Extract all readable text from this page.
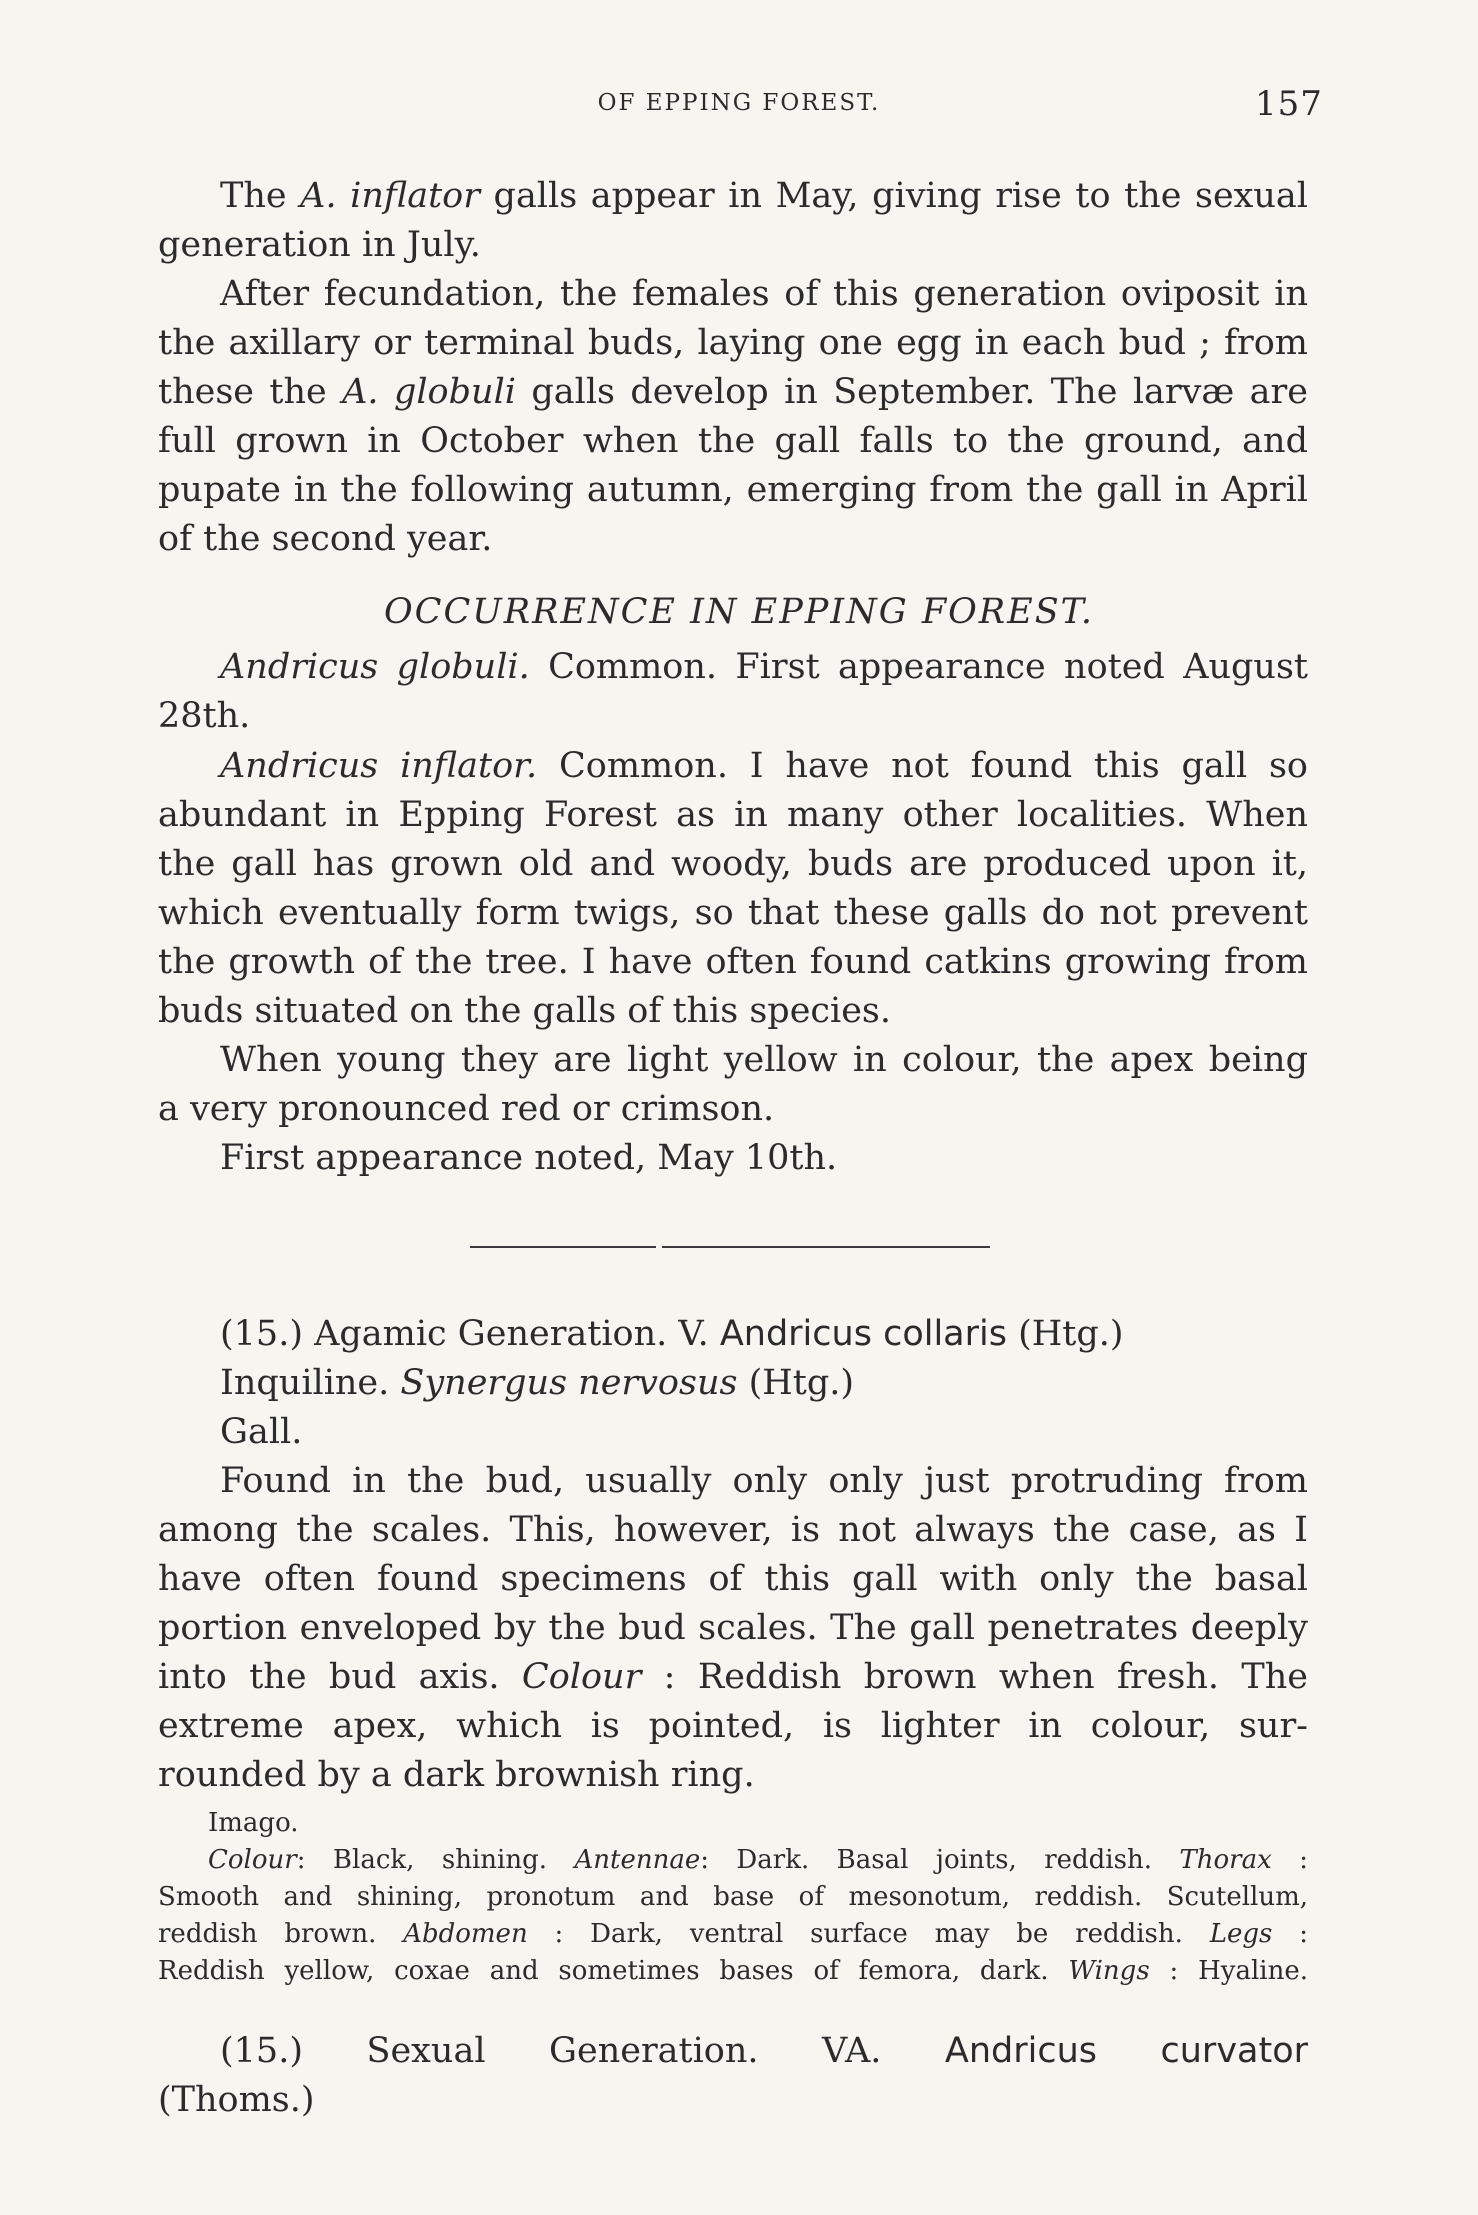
OF EPPING FOREST.	157
The A. inflator galls appear in May, giving rise to the sexual
generation in July.
After fecundation, the females of this generation oviposit in
the axillary or terminal buds, laying one egg in each bud ; from
these the A. globuli galls develop in September. The larvæ are
full grown in October when the gall falls to the ground, and
pupate in the following autumn, emerging from the gall in April
of the second year.
OCCURRENCE IN EPPING FOREST.
Andricus globuli. Common. First appearance noted August
28th.
Andricus inflator. Common. I have not found this gall so
abundant in Epping Forest as in many other localities. When
the gall has grown old and woody, buds are produced upon it,
which eventually form twigs, so that these galls do not prevent
the growth of the tree. I have often found catkins growing from
buds situated on the galls of this species.
When young they are light yellow in colour, the apex being
a very pronounced red or crimson.
First appearance noted, May 10th.
(15.) Agamic Generation. V. Andricus collaris (Htg.)
Inquiline. Synergus nervosus (Htg.)
Gall.
Found in the bud, usually only only just protruding from
among the scales. This, however, is not always the case, as I
have often found specimens of this gall with only the basal
portion enveloped by the bud scales. The gall penetrates deeply
into the bud axis. Colour : Reddish brown when fresh. The
extreme apex, which is pointed, is lighter in colour, sur-
rounded by a dark brownish ring.
Imago.
Colour: Black, shining. Antennae: Dark. Basal joints, reddish. Thorax :
Smooth and shining, pronotum and base of mesonotum, reddish. Scutellum,
reddish brown. Abdomen : Dark, ventral surface may be reddish. Legs :
Reddish yellow, coxae and sometimes bases of femora, dark. Wings : Hyaline.
(15.) Sexual Generation. VA. Andricus curvator
(Thoms.)
